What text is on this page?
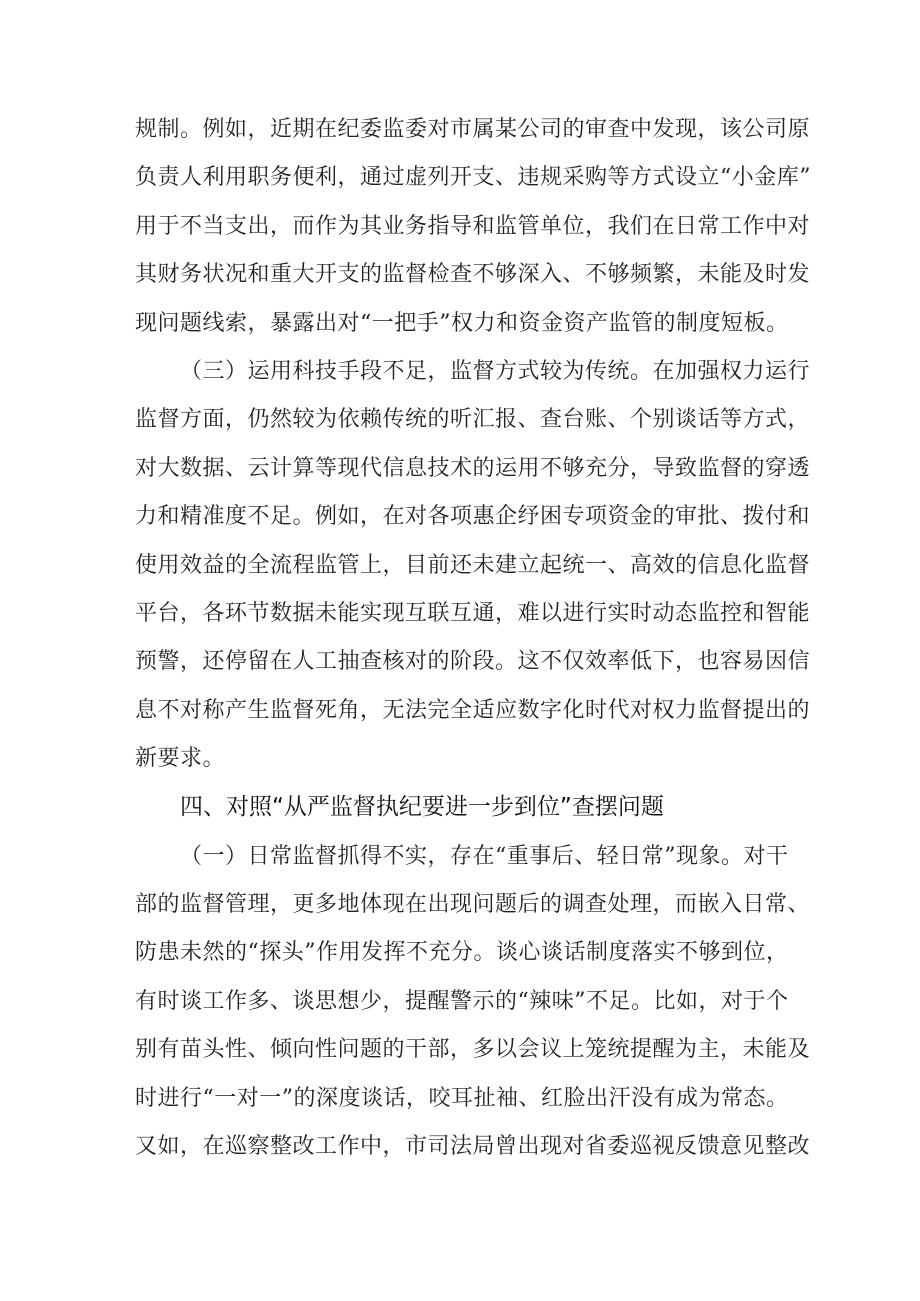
规制。例如，近期在纪委监委对市属某公司的审查中发现，该公司原
负责人利用职务便利，通过虚列开支、违规采购等方式设立“小金库”
用于不当支出，而作为其业务指导和监管单位，我们在日常工作中对
其财务状况和重大开支的监督检查不够深入、不够频繁，未能及时发
现问题线索，暴露出对“一把手”权力和资金资产监管的制度短板。
（三）运用科技手段不足，监督方式较为传统。在加强权力运行
监督方面，仍然较为依赖传统的听汇报、查台账、个别谈话等方式，
对大数据、云计算等现代信息技术的运用不够充分，导致监督的穿透
力和精准度不足。例如，在对各项惠企纾困专项资金的审批、拨付和
使用效益的全流程监管上，目前还未建立起统一、高效的信息化监督
平台，各环节数据未能实现互联互通，难以进行实时动态监控和智能
预警，还停留在人工抽查核对的阶段。这不仅效率低下，也容易因信
息不对称产生监督死角，无法完全适应数字化时代对权力监督提出的
新要求。
四、对照“从严监督执纪要进一步到位”查摆问题
（一）日常监督抓得不实，存在“重事后、轻日常”现象。对干
部的监督管理，更多地体现在出现问题后的调查处理，而嵌入日常、
防患未然的“探头”作用发挥不充分。谈心谈话制度落实不够到位，
有时谈工作多、谈思想少，提醒警示的“辣味”不足。比如，对于个
别有苗头性、倾向性问题的干部，多以会议上笼统提醒为主，未能及
时进行“一对一”的深度谈话，咬耳扯袖、红脸出汗没有成为常态。
又如，在巡察整改工作中，市司法局曾出现对省委巡视反馈意见整改
